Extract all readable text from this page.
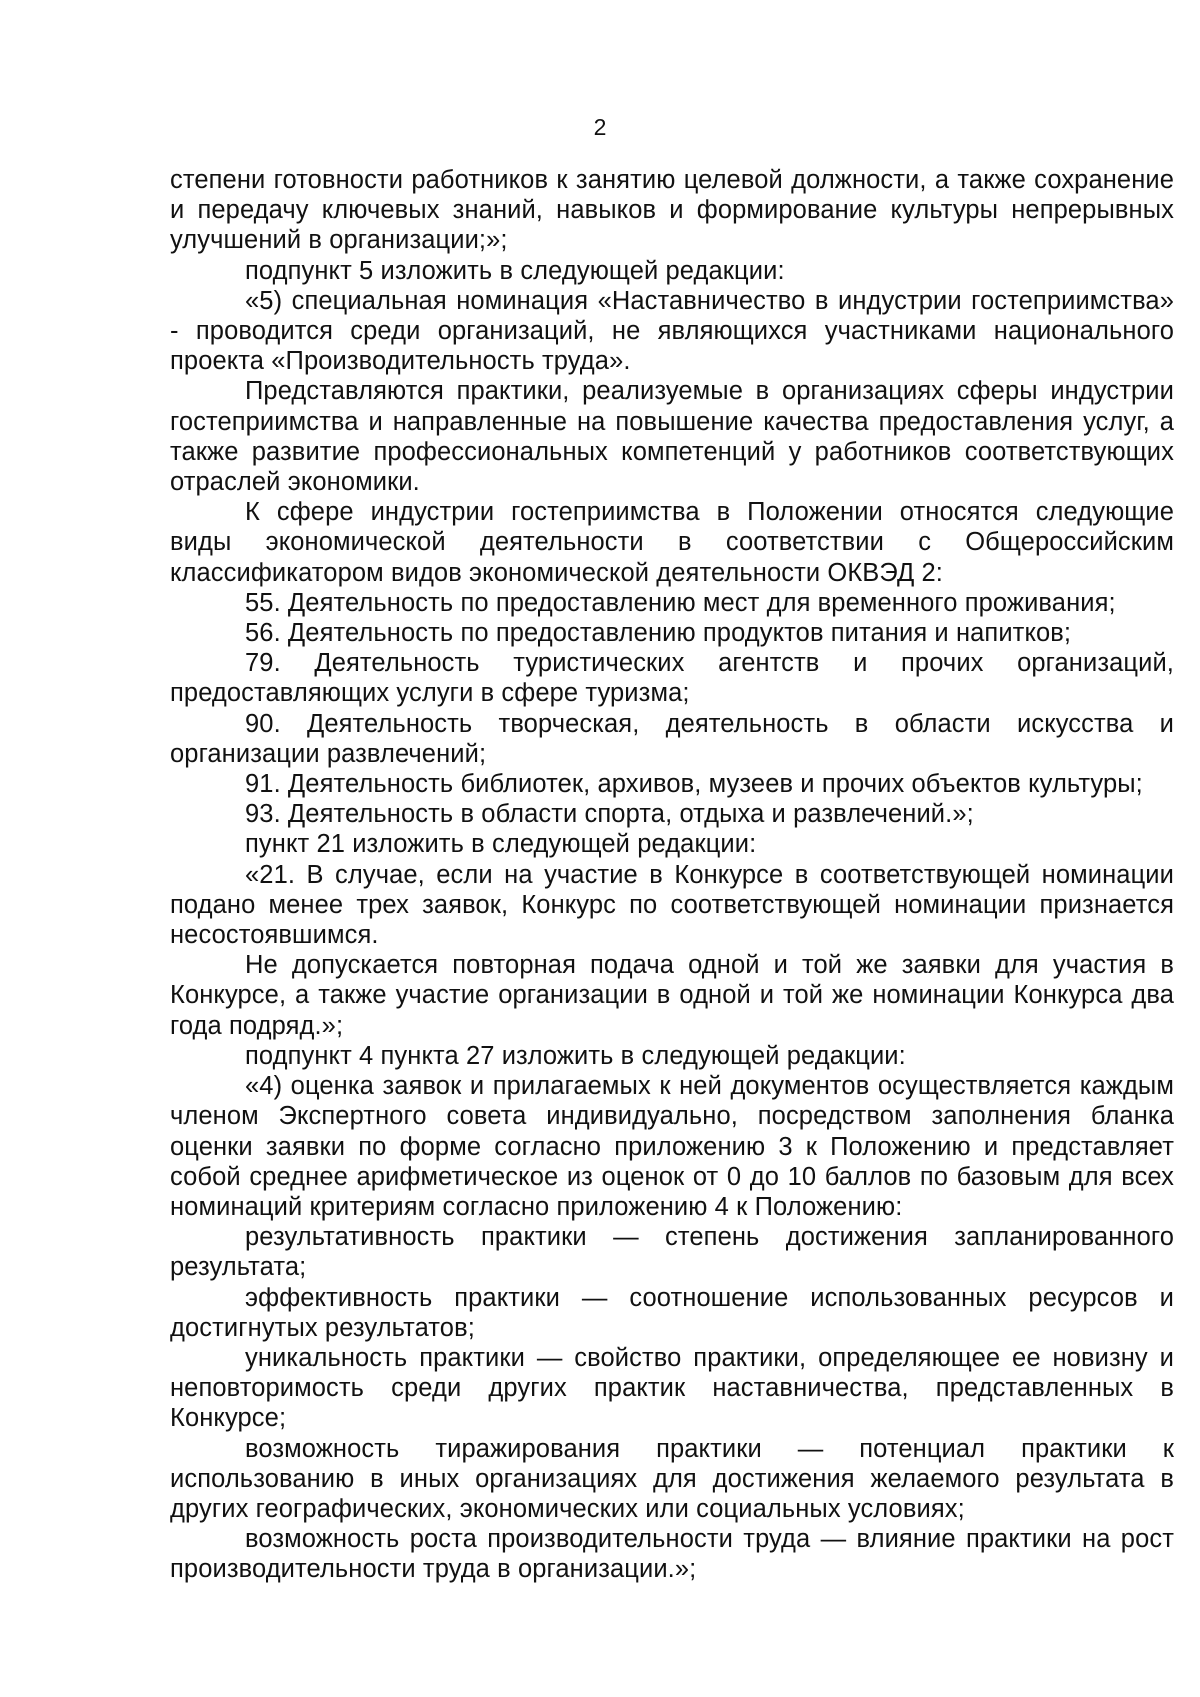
2

степени готовности работников к занятию целевой должности, а также сохранение и передачу ключевых знаний, навыков и формирование культуры непрерывных улучшений в организации;»;

подпункт 5 изложить в следующей редакции:

«5) специальная номинация «Наставничество в индустрии гостеприимства» - проводится среди организаций, не являющихся участниками национального проекта «Производительность труда».

Представляются практики, реализуемые в организациях сферы индустрии гостеприимства и направленные на повышение качества предоставления услуг, а также развитие профессиональных компетенций у работников соответствующих отраслей экономики.

К сфере индустрии гостеприимства в Положении относятся следующие виды экономической деятельности в соответствии с Общероссийским классификатором видов экономической деятельности ОКВЭД 2:

55. Деятельность по предоставлению мест для временного проживания;

56. Деятельность по предоставлению продуктов питания и напитков;

79. Деятельность туристических агентств и прочих организаций, предоставляющих услуги в сфере туризма;

90. Деятельность творческая, деятельность в области искусства и организации развлечений;

91. Деятельность библиотек, архивов, музеев и прочих объектов культуры;

93. Деятельность в области спорта, отдыха и развлечений.»;

пункт 21 изложить в следующей редакции:

«21. В случае, если на участие в Конкурсе в соответствующей номинации подано менее трех заявок, Конкурс по соответствующей номинации признается несостоявшимся.

Не допускается повторная подача одной и той же заявки для участия в Конкурсе, а также участие организации в одной и той же номинации Конкурса два года подряд.»;

подпункт 4 пункта 27 изложить в следующей редакции:

«4) оценка заявок и прилагаемых к ней документов осуществляется каждым членом Экспертного совета индивидуально, посредством заполнения бланка оценки заявки по форме согласно приложению 3 к Положению и представляет собой среднее арифметическое из оценок от 0 до 10 баллов по базовым для всех номинаций критериям согласно приложению 4 к Положению:

результативность практики — степень достижения запланированного результата;

эффективность практики — соотношение использованных ресурсов и достигнутых результатов;

уникальность практики — свойство практики, определяющее ее новизну и неповторимость среди других практик наставничества, представленных в Конкурсе;

возможность тиражирования практики — потенциал практики к использованию в иных организациях для достижения желаемого результата в других географических, экономических или социальных условиях;

возможность роста производительности труда — влияние практики на рост производительности труда в организации.»;
